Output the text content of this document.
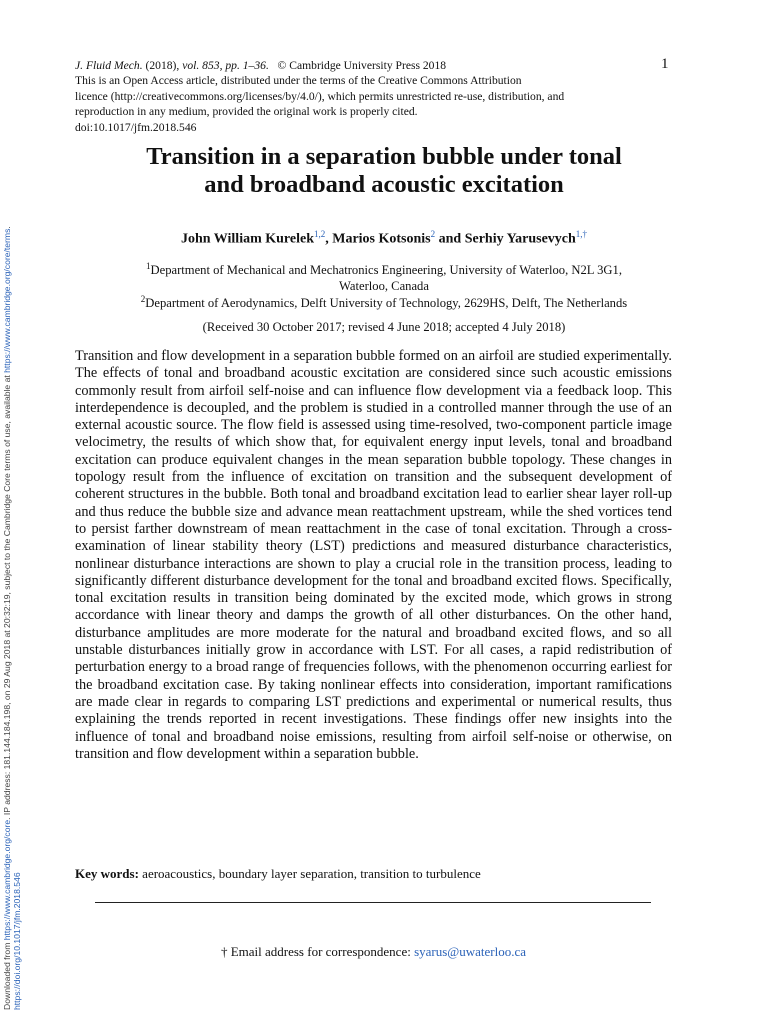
Downloaded from https://www.cambridge.org/core. IP address: 181.144.184.198, on 29 Aug 2018 at 20:32:19, subject to the Cambridge Core terms of use, available at https://www.cambridge.org/core/terms.
https://doi.org/10.1017/jfm.2018.546
J. Fluid Mech. (2018), vol. 853, pp. 1–36. © Cambridge University Press 2018
This is an Open Access article, distributed under the terms of the Creative Commons Attribution
licence (http://creativecommons.org/licenses/by/4.0/), which permits unrestricted re-use, distribution, and
reproduction in any medium, provided the original work is properly cited.
doi:10.1017/jfm.2018.546
1
Transition in a separation bubble under tonal
and broadband acoustic excitation
John William Kurelek$^{1,2}$, Marios Kotsonis$^2$ and Serhiy Yarusevych$^{1,\dagger}$
$^1$Department of Mechanical and Mechatronics Engineering, University of Waterloo, N2L 3G1,
Waterloo, Canada
$^2$Department of Aerodynamics, Delft University of Technology, 2629HS, Delft, The Netherlands
(Received 30 October 2017; revised 4 June 2018; accepted 4 July 2018)

Transition and flow development in a separation bubble formed on an airfoil are studied experimentally. The effects of tonal and broadband acoustic excitation are considered since such acoustic emissions commonly result from airfoil self-noise and can influence flow development via a feedback loop. This interdependence is decoupled, and the problem is studied in a controlled manner through the use of an external acoustic source. The flow field is assessed using time-resolved, two-component particle image velocimetry, the results of which show that, for equivalent energy input levels, tonal and broadband excitation can produce equivalent changes in the mean separation bubble topology. These changes in topology result from the influence of excitation on transition and the subsequent development of coherent structures in the bubble. Both tonal and broadband excitation lead to earlier shear layer roll-up and thus reduce the bubble size and advance mean reattachment upstream, while the shed vortices tend to persist farther downstream of mean reattachment in the case of tonal excitation. Through a cross-examination of linear stability theory (LST) predictions and measured disturbance characteristics, nonlinear disturbance interactions are shown to play a crucial role in the transition process, leading to significantly different disturbance development for the tonal and broadband excited flows. Specifically, tonal excitation results in transition being dominated by the excited mode, which grows in strong accordance with linear theory and damps the growth of all other disturbances. On the other hand, disturbance amplitudes are more moderate for the natural and broadband excited flows, and so all unstable disturbances initially grow in accordance with LST. For all cases, a rapid redistribution of perturbation energy to a broad range of frequencies follows, with the phenomenon occurring earliest for the broadband excitation case. By taking nonlinear effects into consideration, important ramifications are made clear in regards to comparing LST predictions and experimental or numerical results, thus explaining the trends reported in recent investigations. These findings offer new insights into the influence of tonal and broadband noise emissions, resulting from airfoil self-noise or otherwise, on transition and flow development within a separation bubble.

Key words: aeroacoustics, boundary layer separation, transition to turbulence
† Email address for correspondence: syarus@uwaterloo.ca
